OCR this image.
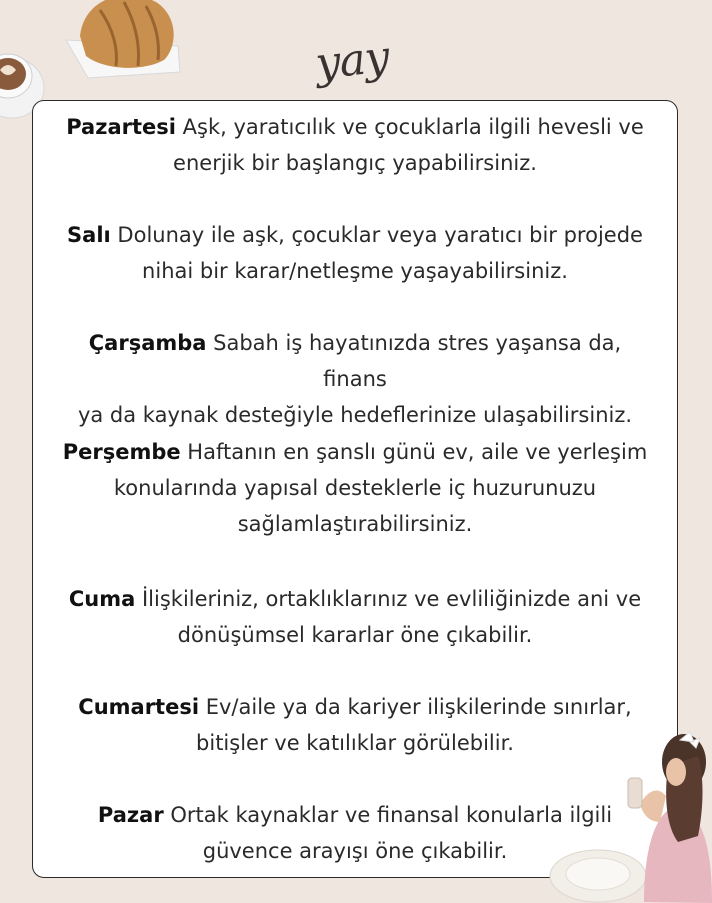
yay
Pazartesi Aşk, yaratıcılık ve çocuklarla ilgili hevesli ve
enerjik bir başlangıç yapabilirsiniz.
Salı Dolunay ile aşk, çocuklar veya yaratıcı bir projede
nihai bir karar/netleşme yaşayabilirsiniz.
Çarşamba Sabah iş hayatınızda stres yaşansa da, finans
ya da kaynak desteğiyle hedeflerinize ulaşabilirsiniz.
Perşembe Haftanın en şanslı günü ev, aile ve yerleşim
konularında yapısal desteklerle iç huzurunuzu
sağlamlaştırabilirsiniz.
Cuma İlişkileriniz, ortaklıklarınız ve evliliğinizde ani ve
dönüşümsel kararlar öne çıkabilir.
Cumartesi Ev/aile ya da kariyer ilişkilerinde sınırlar,
bitişler ve katılıklar görülebilir.
Pazar Ortak kaynaklar ve finansal konularla ilgili
güvence arayışı öne çıkabilir.
